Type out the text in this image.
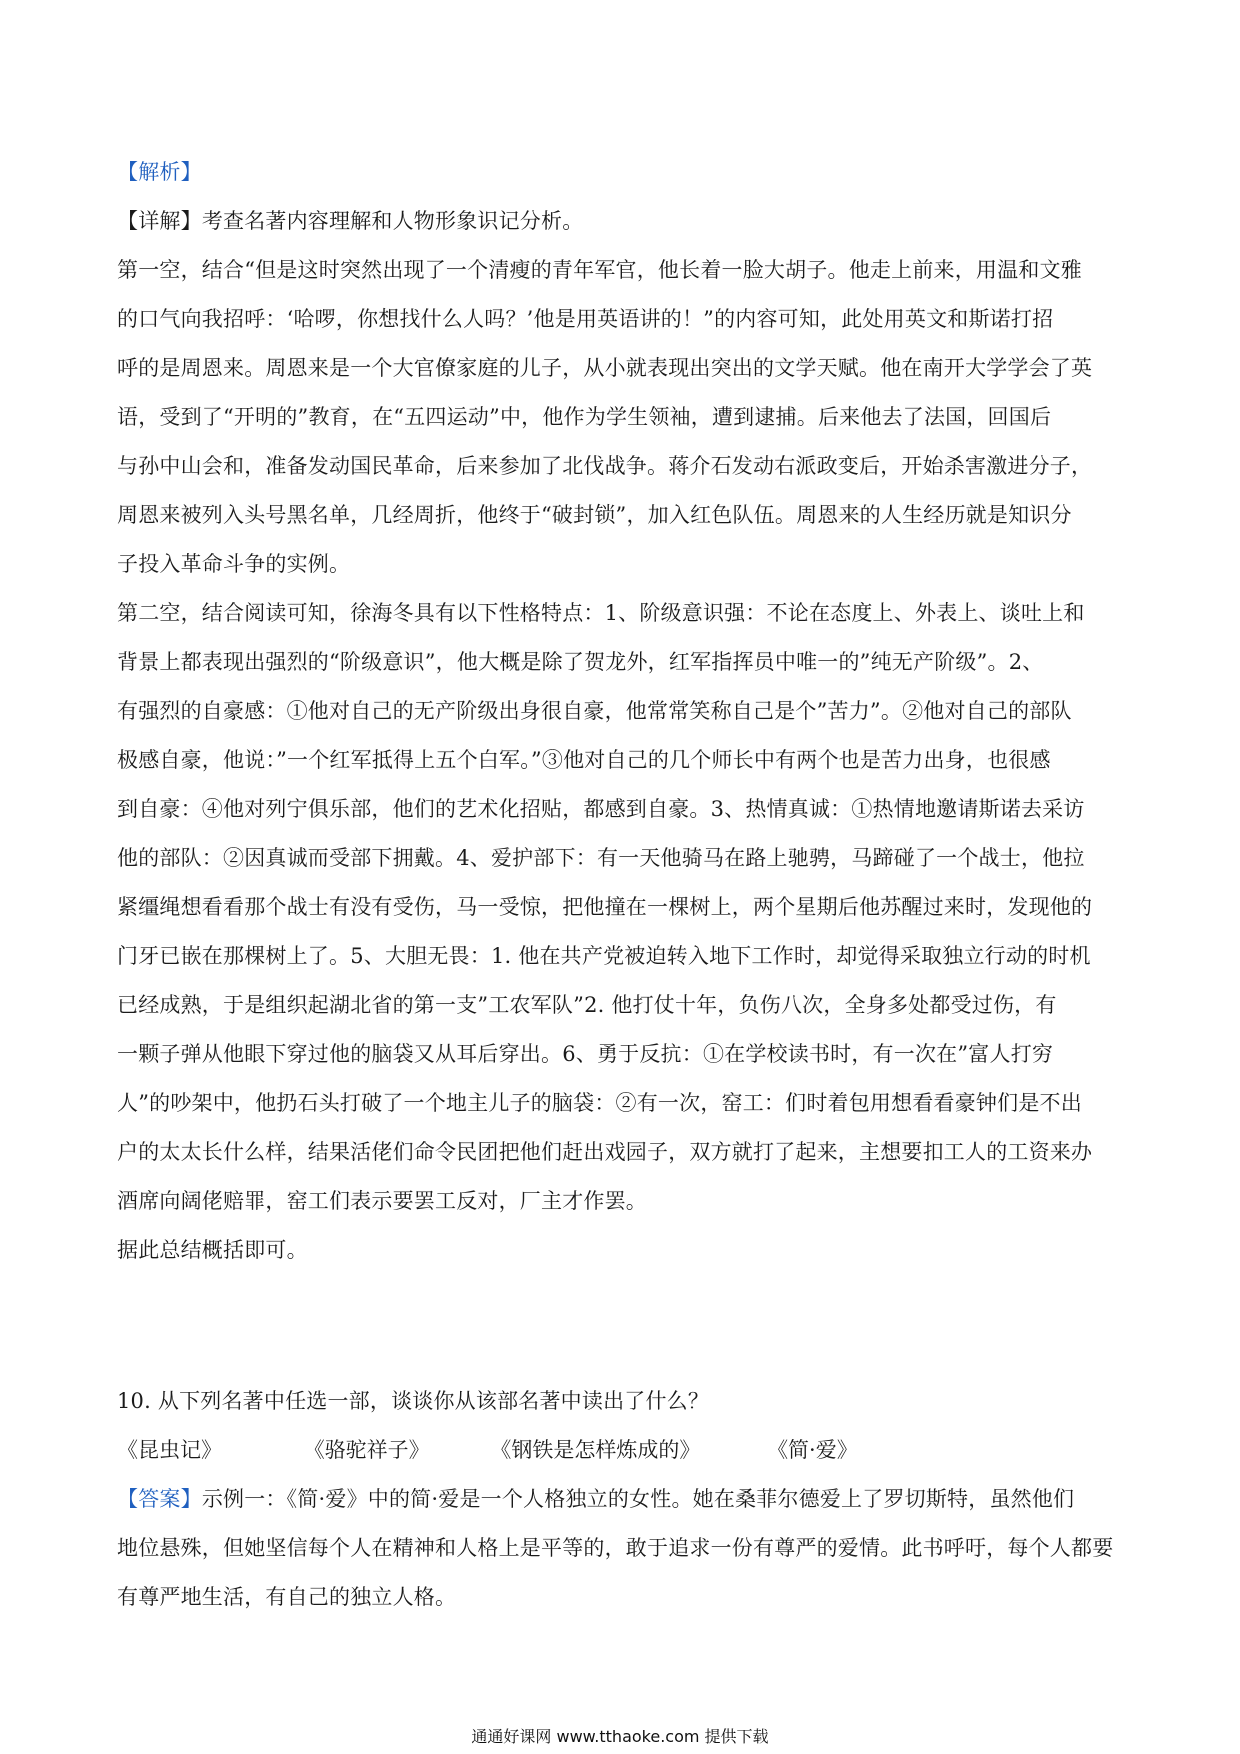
【解析】
【详解】考查名著内容理解和人物形象识记分析。
第一空，结合“但是这时突然出现了一个清瘦的青年军官，他长着一脸大胡子。他走上前来，用温和文雅
的口气向我招呼：‘哈啰，你想找什么人吗？’他是用英语讲的！”的内容可知，此处用英文和斯诺打招
呼的是周恩来。周恩来是一个大官僚家庭的儿子，从小就表现出突出的文学天赋。他在南开大学学会了英
语，受到了“开明的”教育，在“五四运动”中，他作为学生领袖，遭到逮捕。后来他去了法国，回国后
与孙中山会和，准备发动国民革命，后来参加了北伐战争。蒋介石发动右派政变后，开始杀害激进分子，
周恩来被列入头号黑名单，几经周折，他终于“破封锁”，加入红色队伍。周恩来的人生经历就是知识分
子投入革命斗争的实例。
第二空，结合阅读可知，徐海冬具有以下性格特点：1、阶级意识强：不论在态度上、外表上、谈吐上和
背景上都表现出强烈的“阶级意识”，他大概是除了贺龙外，红军指挥员中唯一的”纯无产阶级”。2、
有强烈的自豪感：①他对自己的无产阶级出身很自豪，他常常笑称自己是个”苦力”。②他对自己的部队
极感自豪，他说：”一个红军抵得上五个白军。”③他对自己的几个师长中有两个也是苦力出身，也很感
到自豪：④他对列宁俱乐部，他们的艺术化招贴，都感到自豪。3、热情真诚：①热情地邀请斯诺去采访
他的部队：②因真诚而受部下拥戴。4、爱护部下：有一天他骑马在路上驰骋，马蹄碰了一个战士，他拉
紧缰绳想看看那个战士有没有受伤，马一受惊，把他撞在一棵树上，两个星期后他苏醒过来时，发现他的
门牙已嵌在那棵树上了。5、大胆无畏：1. 他在共产党被迫转入地下工作时，却觉得采取独立行动的时机
已经成熟，于是组织起湖北省的第一支”工农军队”2. 他打仗十年，负伤八次，全身多处都受过伤，有
一颗子弹从他眼下穿过他的脑袋又从耳后穿出。6、勇于反抗：①在学校读书时，有一次在”富人打穷
人”的吵架中，他扔石头打破了一个地主儿子的脑袋：②有一次，窑工：们时着包用想看看豪钟们是不出
户的太太长什么样，结果活佬们命令民团把他们赶出戏园子，双方就打了起来，主想要扣工人的工资来办
酒席向阔佬赔罪，窑工们表示要罢工反对，厂主才作罢。
据此总结概括即可。
10. 从下列名著中任选一部，谈谈你从该部名著中读出了什么？
《昆虫记》	《骆驼祥子》	《钢铁是怎样炼成的》	《简·爱》
【答案】示例一：《简·爱》中的简·爱是一个人格独立的女性。她在桑菲尔德爱上了罗切斯特，虽然他们
地位悬殊，但她坚信每个人在精神和人格上是平等的，敢于追求一份有尊严的爱情。此书呼吁，每个人都要
有尊严地生活，有自己的独立人格。
通通好课网 www.tthaoke.com 提供下载
